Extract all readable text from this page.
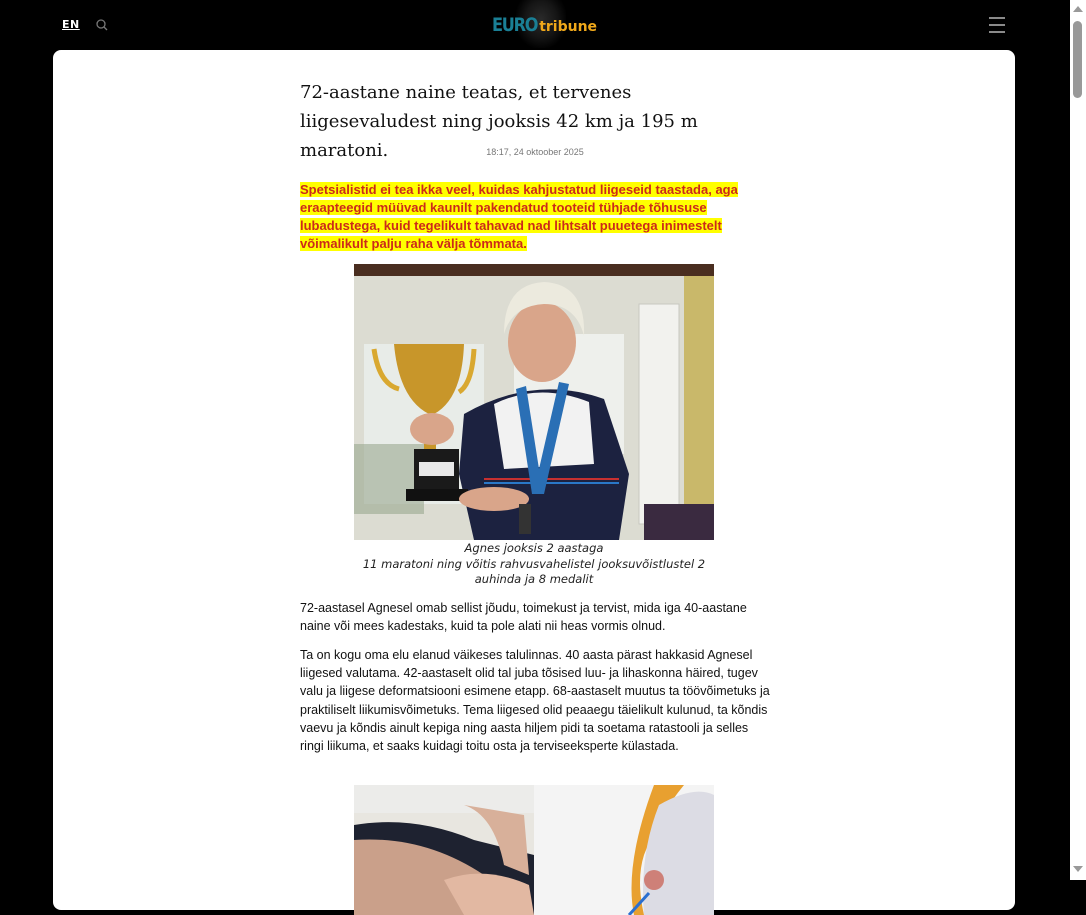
EN	EURO tribune
72-aastane naine teatas, et tervenes liigesevaludest ning jooksis 42 km ja 195 m maratoni.	18:17, 24 oktoober 2025
Spetsialistid ei tea ikka veel, kuidas kahjustatud liigeseid taastada, aga eraapteegid müüvad kaunilt pakendatud tooteid tühjade tõhususe lubadustega, kuid tegelikult tahavad nad lihtsalt puuetega inimestelt võimalikult palju raha välja tõmmata.
Agnes jooksis 2 aastaga
11 maratoni ning võitis rahvusvahelistel jooksuvõistlustel 2 auhinda ja 8 medalit

72-aastasel Agnesel omab sellist jõudu, toimekust ja tervist, mida iga 40-aastane naine või mees kadestaks, kuid ta pole alati nii heas vormis olnud.

Ta on kogu oma elu elanud väikeses talulinnas. 40 aasta pärast hakkasid Agnesel liigesed valutama. 42-aastaselt olid tal juba tõsised luu- ja lihaskonna häired, tugev valu ja liigese deformatsiooni esimene etapp. 68-aastaselt muutus ta töövõimetuks ja praktiliselt liikumisvõimetuks. Tema liigesed olid peaaegu täielikult kulunud, ta kõndis vaevu ja kõndis ainult kepiga ning aasta hiljem pidi ta soetama ratastooli ja selles ringi liikuma, et saaks kuidagi toitu osta ja terviseeksperte külastada.
